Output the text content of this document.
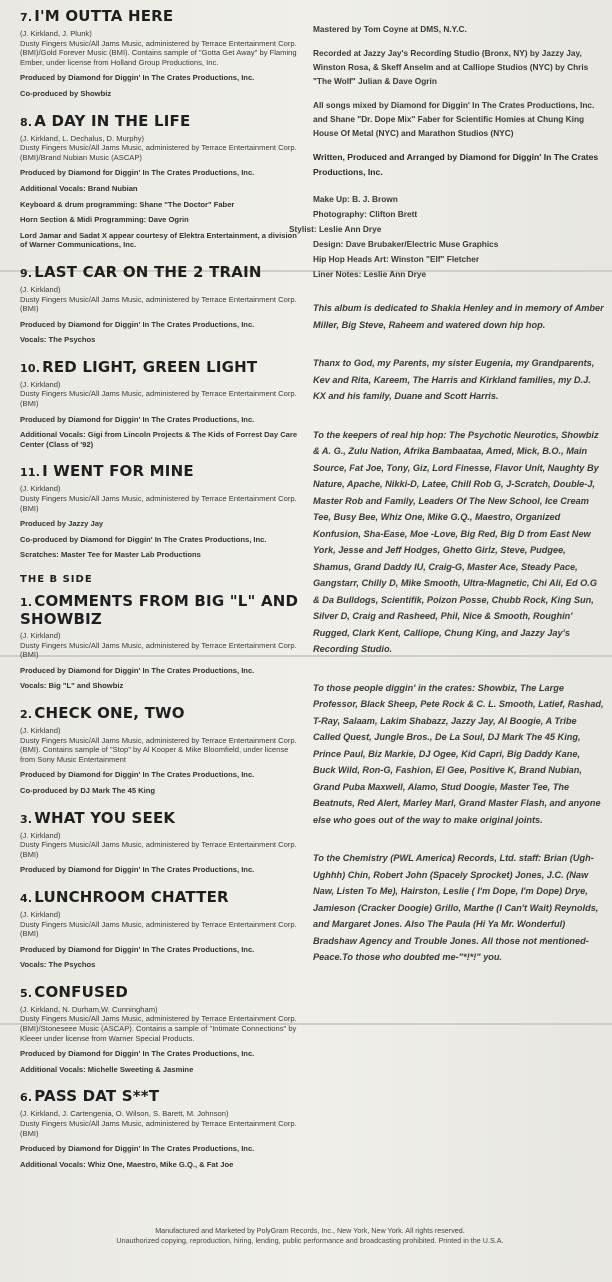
7. I'M OUTTA HERE

(J. Kirkland, J. Plunk)

Dusty Fingers Music/All Jams Music, administered by Terrace Entertainment Corp. (BMI)/Gold Forever Music (BMI). Contains sample of "Gotta Get Away" by Flaming Ember, under license from Holland Group Productions, Inc.

Produced by Diamond for Diggin' In The Crates Productions, Inc.

Co-produced by Showbiz

8. A DAY IN THE LIFE

(J. Kirkland, L. Dechalus, D. Murphy)

Dusty Fingers Music/All Jams Music, administered by Terrace Entertainment Corp. (BMI)/Brand Nubian Music (ASCAP)

Produced by Diamond for Diggin' In The Crates Productions, Inc.

Additional Vocals: Brand Nubian

Keyboard & drum programming: Shane "The Doctor" Faber

Horn Section & Midi Programming: Dave Ogrin

Lord Jamar and Sadat X appear courtesy of Elektra Entertainment, a division of Warner Communications, Inc.

9. LAST CAR ON THE 2 TRAIN

(J. Kirkland)

Dusty Fingers Music/All Jams Music, administered by Terrace Entertainment Corp. (BMI)

Produced by Diamond for Diggin' In The Crates Productions, Inc.

Vocals: The Psychos

10. RED LIGHT, GREEN LIGHT

(J. Kirkland)

Dusty Fingers Music/All Jams Music, administered by Terrace Entertainment Corp. (BMI)

Produced by Diamond for Diggin' In The Crates Productions, Inc.

Additional Vocals: Gigi from Lincoln Projects & The Kids of Forrest Day Care Center (Class of '92)

11. I WENT FOR MINE

(J. Kirkland)

Dusty Fingers Music/All Jams Music, administered by Terrace Entertainment Corp. (BMI)

Produced by Jazzy Jay

Co-produced by Diamond for Diggin' In The Crates Productions, Inc.

Scratches: Master Tee for Master Lab Productions

THE B SIDE
1. COMMENTS FROM BIG "L" AND SHOWBIZ

(J. Kirkland)

Dusty Fingers Music/All Jams Music, administered by Terrace Entertainment Corp. (BMI)

Produced by Diamond for Diggin' In The Crates Productions, Inc.

Vocals: Big "L" and Showbiz

2. CHECK ONE, TWO

(J. Kirkland)

Dusty Fingers Music/All Jams Music, administered by Terrace Entertainment Corp. (BMI). Contains sample of "Stop" by Al Kooper & Mike Bloomfield, under license from Sony Music Entertainment

Produced by Diamond for Diggin' In The Crates Productions, Inc.

Co-produced by DJ Mark The 45 King

3. WHAT YOU SEEK

(J. Kirkland)

Dusty Fingers Music/All Jams Music, administered by Terrace Entertainment Corp. (BMI)

Produced by Diamond for Diggin' In The Crates Productions, Inc.

4. LUNCHROOM CHATTER

(J. Kirkland)

Dusty Fingers Music/All Jams Music, administered by Terrace Entertainment Corp. (BMI)

Produced by Diamond for Diggin' In The Crates Productions, Inc.

Vocals: The Psychos

5. CONFUSED

(J. Kirkland, N. Durham,W. Cunningham)

Dusty Fingers Music/All Jams Music, administered by Terrace Entertainment Corp. (BMI)/Stoneseee Music (ASCAP). Contains a sample of "Intimate Connections" by Kleeer under license from Warner Special Products.

Produced by Diamond for Diggin' In The Crates Productions, Inc.

Additional Vocals: Michelle Sweeting & Jasmine

6. PASS DAT S**T

(J. Kirkland, J. Cartengenia, O. Wilson, S. Barett, M. Johnson)

Dusty Fingers Music/All Jams Music, administered by Terrace Entertainment Corp. (BMI)

Produced by Diamond for Diggin' In The Crates Productions, Inc.

Additional Vocals: Whiz One, Maestro, Mike G.Q., & Fat Joe

Mastered by Tom Coyne at DMS, N.Y.C.

Recorded at Jazzy Jay's Recording Studio (Bronx, NY) by Jazzy Jay, Winston Rosa, & Skeff Anselm and at Calliope Studios (NYC) by Chris "The Wolf" Julian & Dave Ogrin

All songs mixed by Diamond for Diggin' In The Crates Productions, Inc. and Shane "Dr. Dope Mix" Faber for Scientific Homies at Chung King House Of Metal (NYC) and Marathon Studios (NYC)

Written, Produced and Arranged by Diamond for Diggin' In The Crates Productions, Inc.

Make Up: B. J. Brown

Photography: Clifton Brett

Stylist: Leslie Ann Drye

Design: Dave Brubaker/Electric Muse Graphics

Hip Hop Heads Art: Winston "Elf" Fletcher

Liner Notes: Leslie Ann Drye

This album is dedicated to Shakia Henley and in memory of Amber Miller, Big Steve, Raheem and watered down hip hop.

Thanx to God, my Parents, my sister Eugenia, my Grandparents, Kev and Rita, Kareem, The Harris and Kirkland families, my D.J. KX and his family, Duane and Scott Harris.

To the keepers of real hip hop: The Psychotic Neurotics, Showbiz & A. G., Zulu Nation, Afrika Bambaataa, Amed, Mick, B.O., Main Source, Fat Joe, Tony, Giz, Lord Finesse, Flavor Unit, Naughty By Nature, Apache, Nikki-D, Latee, Chill Rob G, J-Scratch, Double-J, Master Rob and Family, Leaders Of The New School, Ice Cream Tee, Busy Bee, Whiz One, Mike G.Q., Maestro, Organized Konfusion, Sha-Ease, Moe -Love, Big Red, Big D from East New York, Jesse and Jeff Hodges, Ghetto Girlz, Steve, Pudgee, Shamus, Grand Daddy IU, Craig-G, Master Ace, Steady Pace, Gangstarr, Chilly D, Mike Smooth, Ultra-Magnetic, Chi Ali, Ed O.G & Da Bulldogs, Scientifik, Poizon Posse, Chubb Rock, King Sun, Silver D, Craig and Rasheed, Phil, Nice & Smooth, Roughin' Rugged, Clark Kent, Calliope, Chung King, and Jazzy Jay's Recording Studio.

To those people diggin' in the crates: Showbiz, The Large Professor, Black Sheep, Pete Rock & C. L. Smooth, Latief, Rashad, T-Ray, Salaam, Lakim Shabazz, Jazzy Jay, Al Boogie, A Tribe Called Quest, Jungle Bros., De La Soul, DJ Mark The 45 King, Prince Paul, Biz Markie, DJ Ogee, Kid Capri, Big Daddy Kane, Buck Wild, Ron-G, Fashion, El Gee, Positive K, Brand Nubian, Grand Puba Maxwell, Alamo, Stud Doogie, Master Tee, The Beatnuts, Red Alert, Marley Marl, Grand Master Flash, and anyone else who goes out of the way to make original joints.

To the Chemistry (PWL America) Records, Ltd. staff: Brian (Ugh-Ughhh) Chin, Robert John (Spacely Sprocket) Jones, J.C. (Naw Naw, Listen To Me), Hairston, Leslie ( I'm Dope, I'm Dope) Drye, Jamieson (Cracker Doogie) Grillo, Marthe (I Can't Wait) Reynolds, and Margaret Jones. Also The Paula (Hi Ya Mr. Wonderful) Bradshaw Agency and Trouble Jones. All those not mentioned-Peace.To those who doubted me-"*!*!" you.

Manufactured and Marketed by PolyGram Records, Inc., New York, New York. All rights reserved.
Unauthorized copying, reproduction, hiring, lending, public performance and broadcasting prohibited. Printed in the U.S.A.
